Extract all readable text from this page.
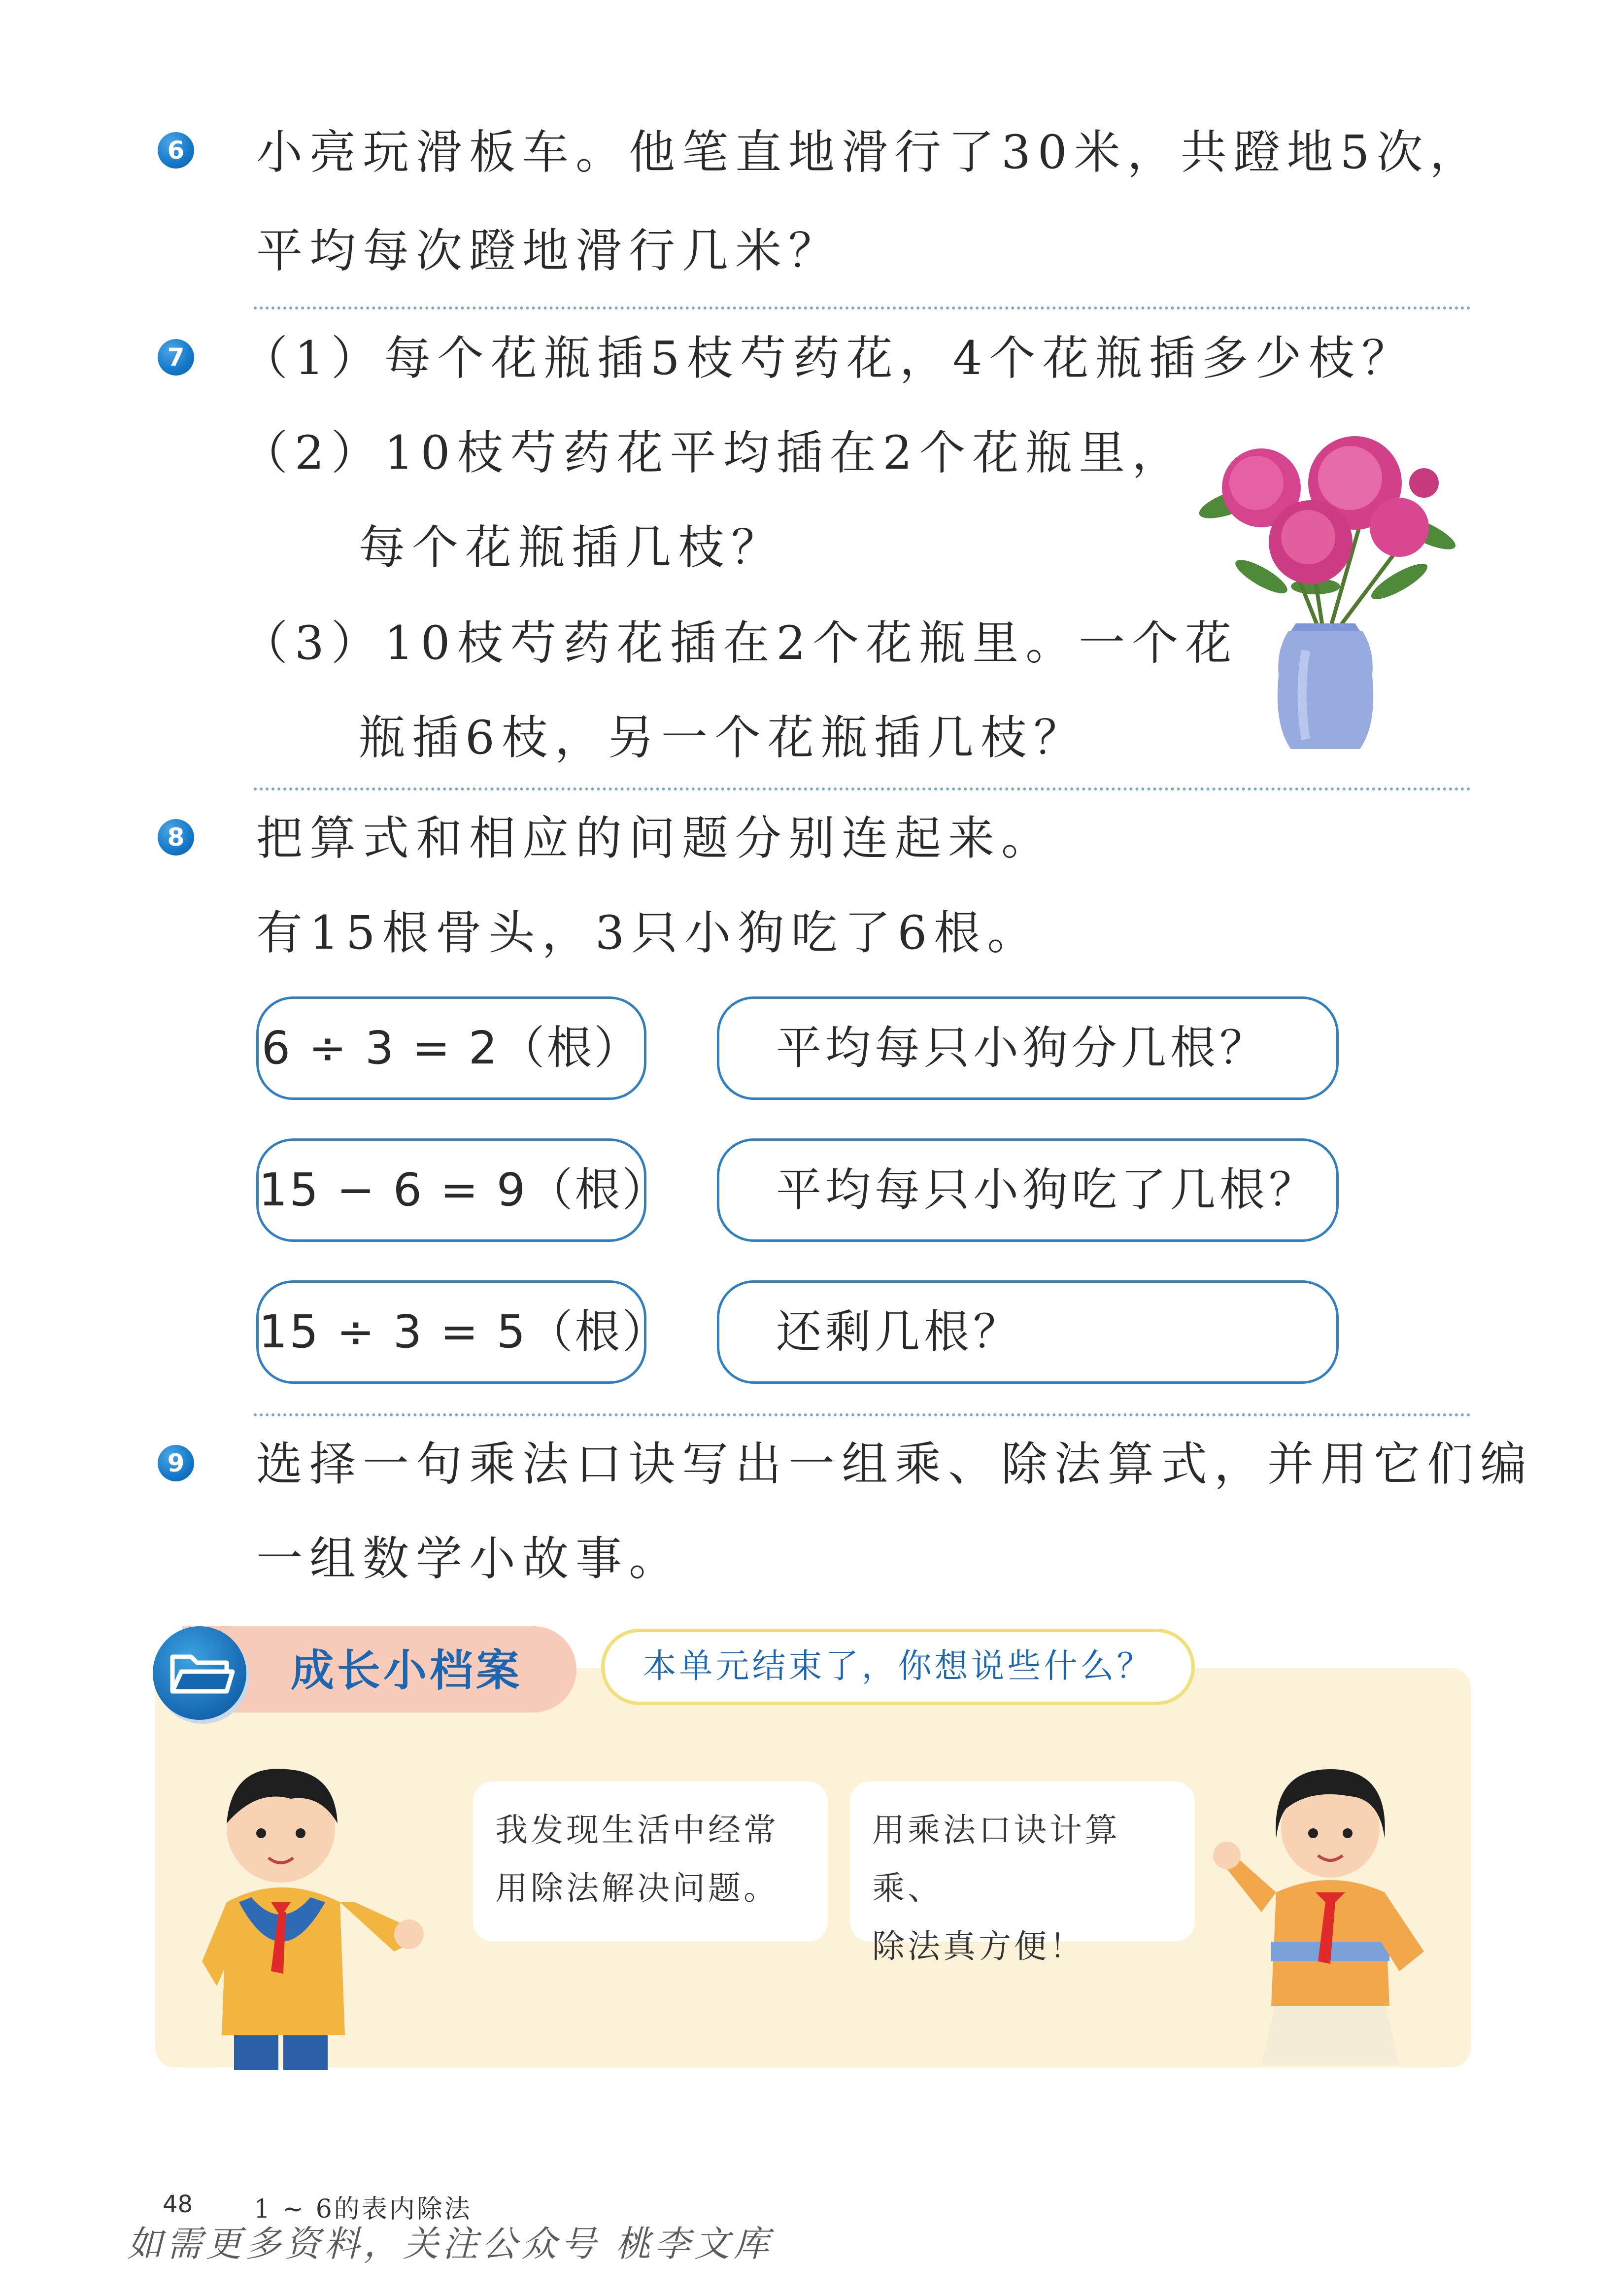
6 小亮玩滑板车。他笔直地滑行了30米，共蹬地5次，
平均每次蹬地滑行几米？
7 （1）每个花瓶插5枝芍药花，4个花瓶插多少枝？
（2）10枝芍药花平均插在2个花瓶里，
每个花瓶插几枝？
（3）10枝芍药花插在2个花瓶里。一个花
瓶插6枝，另一个花瓶插几枝？
8 把算式和相应的问题分别连起来。
有15根骨头，3只小狗吃了6根。
6 ÷ 3 = 2（根）	平均每只小狗分几根？
15 − 6 = 9（根）	平均每只小狗吃了几根？
15 ÷ 3 = 5（根）	还剩几根？
9 选择一句乘法口诀写出一组乘、除法算式，并用它们编
一组数学小故事。
成长小档案	本单元结束了，你想说些什么？
我发现生活中经常
用除法解决问题。
用乘法口诀计算乘、
除法真方便！
48 1 ~ 6的表内除法
如需更多资料，关注公众号 桃李文库
